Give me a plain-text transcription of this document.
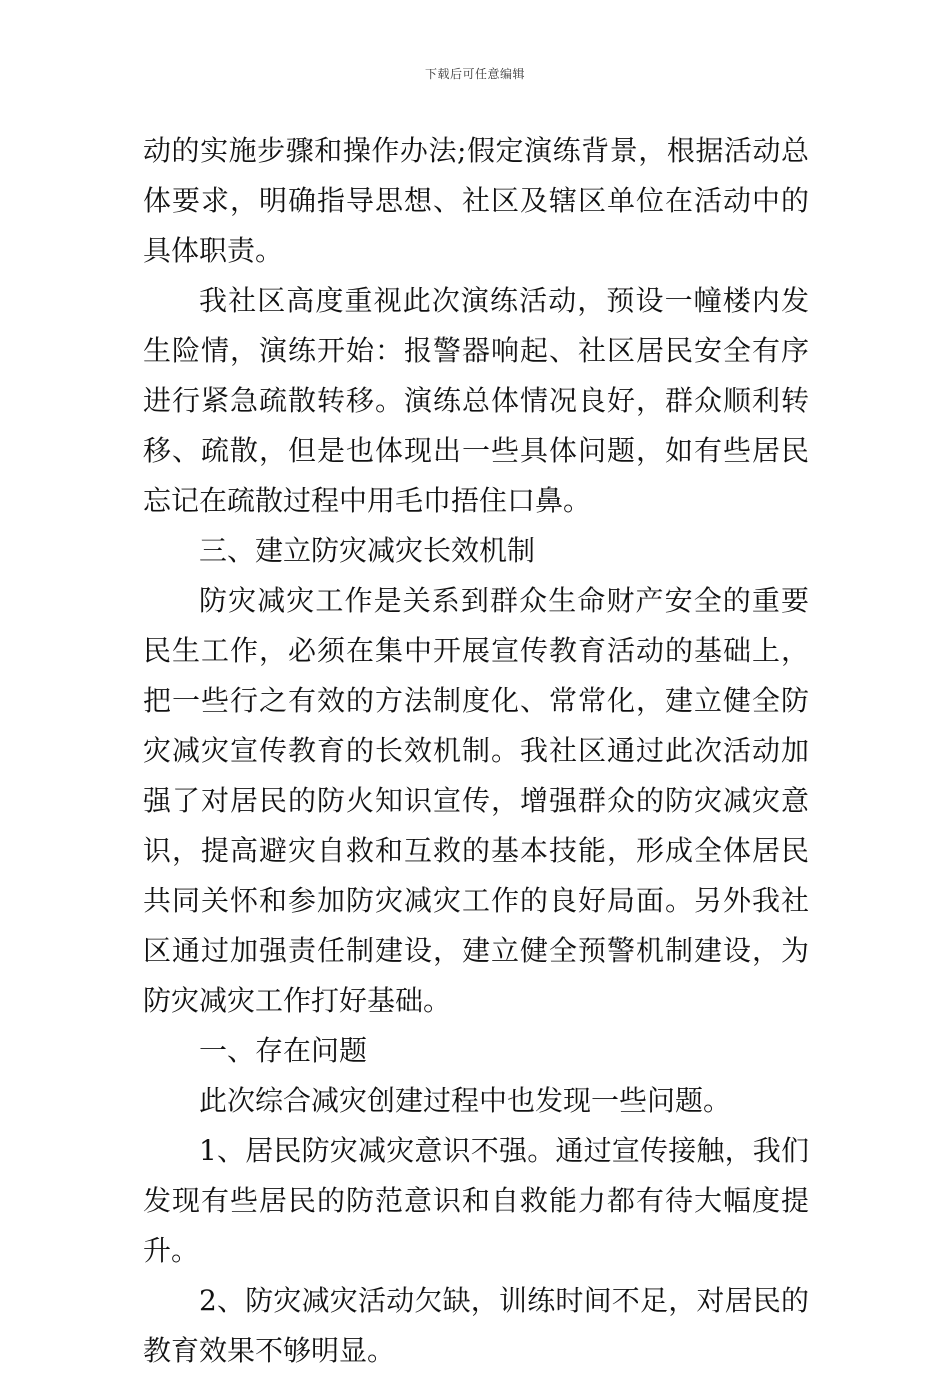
下载后可任意编辑

动的实施步骤和操作办法;假定演练背景，根据活动总体要求，明确指导思想、社区及辖区单位在活动中的具体职责。

我社区高度重视此次演练活动，预设一幢楼内发生险情，演练开始：报警器响起、社区居民安全有序进行紧急疏散转移。演练总体情况良好，群众顺利转移、疏散，但是也体现出一些具体问题，如有些居民忘记在疏散过程中用毛巾捂住口鼻。

三、建立防灾减灾长效机制

防灾减灾工作是关系到群众生命财产安全的重要民生工作，必须在集中开展宣传教育活动的基础上，把一些行之有效的方法制度化、常常化，建立健全防灾减灾宣传教育的长效机制。我社区通过此次活动加强了对居民的防火知识宣传，增强群众的防灾减灾意识，提高避灾自救和互救的基本技能，形成全体居民共同关怀和参加防灾减灾工作的良好局面。另外我社区通过加强责任制建设，建立健全预警机制建设，为防灾减灾工作打好基础。

一、存在问题

此次综合减灾创建过程中也发现一些问题。

1、居民防灾减灾意识不强。通过宣传接触，我们发现有些居民的防范意识和自救能力都有待大幅度提升。

2、防灾减灾活动欠缺，训练时间不足，对居民的教育效果不够明显。
